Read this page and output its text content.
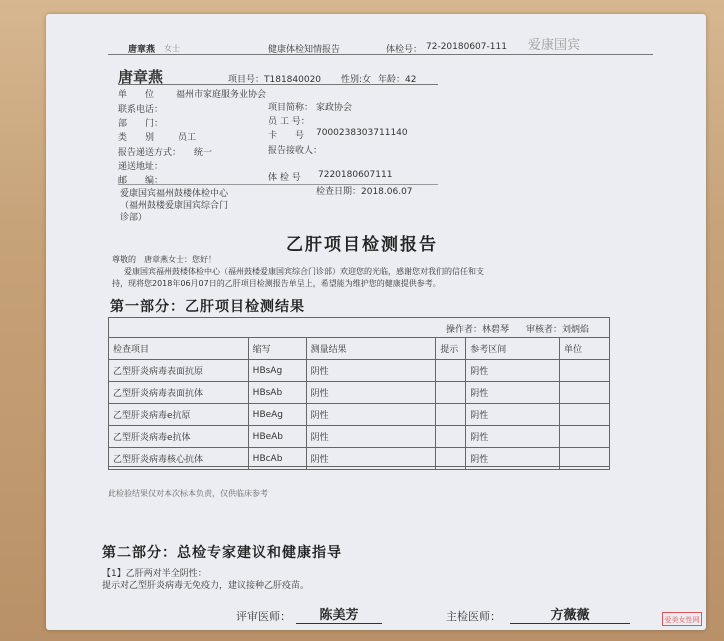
唐章燕 女士	健康体检知情报告	体检号： 72-20180607-111 爱康国宾
唐章燕	项目号：T181840020 性别:女 年龄：42
单　　位 福州市家庭服务业协会
联系电话：	项目简称： 家政协会
部　　门：	员 工 号：
类　　别	员工	卡　　号 7000238303711140
报告递送方式： 统一	报告接收人：
递送地址：
邮　　编：	体 检 号 7220180607111
爱康国宾福州鼓楼体检中心
（福州鼓楼爱康国宾综合门
诊部）
检查日期：2018.06.07
乙肝项目检测报告
尊敬的　唐章燕女士：您好！
爱康国宾福州鼓楼体检中心（福州鼓楼爱康国宾综合门诊部）欢迎您的光临，感谢您对我们的信任和支
持，现将您2018年06月07日的乙肝项目检测报告单呈上，希望能为维护您的健康提供参考。
第一部分：乙肝项目检测结果
操作者：林碧琴 审核者：刘炳焰
检查项目	缩写	测量结果	提示	参考区间	单位
乙型肝炎病毒表面抗原	HBsAg	阴性		阴性	
乙型肝炎病毒表面抗体	HBsAb	阴性		阴性	
乙型肝炎病毒e抗原	HBeAg	阴性		阴性	
乙型肝炎病毒e抗体	HBeAb	阴性		阴性	
乙型肝炎病毒核心抗体	HBcAb	阴性		阴性	
此检验结果仅对本次标本负责，仅供临床参考
第二部分：总检专家建议和健康指导
【1】乙肝两对半全阴性：
提示对乙型肝炎病毒无免疫力，建议接种乙肝疫苗。
评审医师：	陈美芳	主检医师：	方薇薇	爱美女性网
